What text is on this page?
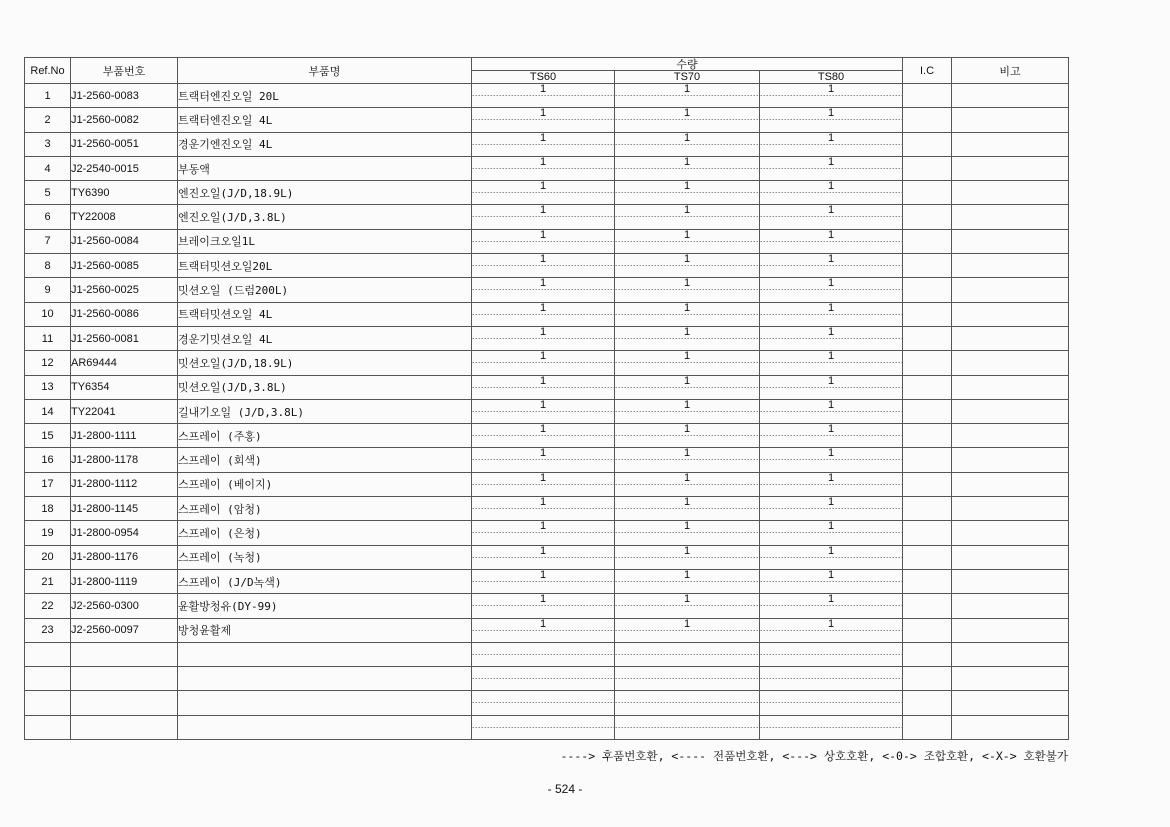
Ref.No	부품번호	부품명	수량			I.C	비고
			TS60	TS70	TS80		
1	J1-2560-0083	트랙터엔진오일 20L	1	1	1		
2	J1-2560-0082	트랙터엔진오일 4L	1	1	1		
3	J1-2560-0051	경운기엔진오일 4L	1	1	1		
4	J2-2540-0015	부동액	1	1	1		
5	TY6390	엔진오일(J/D,18.9L)	1	1	1		
6	TY22008	엔진오일(J/D,3.8L)	1	1	1		
7	J1-2560-0084	브레이크오일1L	1	1	1		
8	J1-2560-0085	트랙터밋션오일20L	1	1	1		
9	J1-2560-0025	밋션오일 (드럼200L)	1	1	1		
10	J1-2560-0086	트랙터밋션오일 4L	1	1	1		
11	J1-2560-0081	경운기밋션오일 4L	1	1	1		
12	AR69444	밋션오일(J/D,18.9L)	1	1	1		
13	TY6354	밋션오일(J/D,3.8L)	1	1	1		
14	TY22041	길내기오일 (J/D,3.8L)	1	1	1		
15	J1-2800-1111	스프레이 (주홍)	1	1	1		
16	J1-2800-1178	스프레이 (회색)	1	1	1		
17	J1-2800-1112	스프레이 (베이지)	1	1	1		
18	J1-2800-1145	스프레이 (암청)	1	1	1		
19	J1-2800-0954	스프레이 (은청)	1	1	1		
20	J1-2800-1176	스프레이 (녹청)	1	1	1		
21	J1-2800-1119	스프레이 (J/D녹색)	1	1	1		
22	J2-2560-0300	윤활방청유(DY-99)	1	1	1		
23	J2-2560-0097	방청윤활제	1	1	1		

----> 후품번호환, <---- 전품번호환, <---> 상호호환, <-0-> 조합호환, <-X-> 호환불가
- 524 -
